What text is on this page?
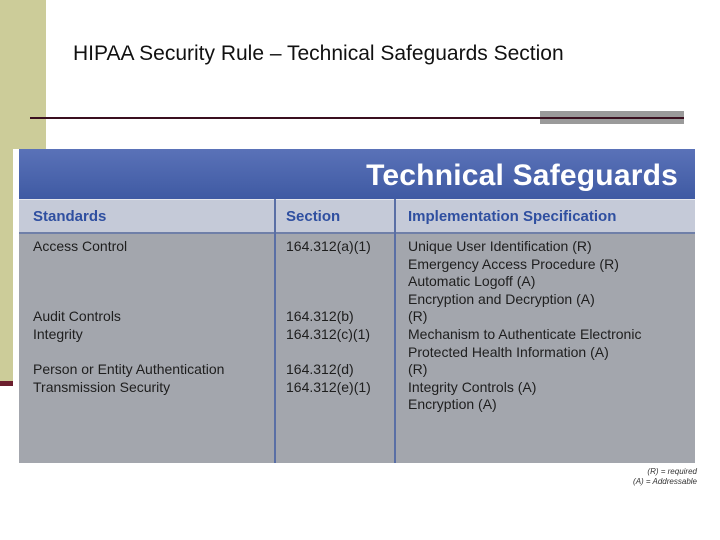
HIPAA Security Rule – Technical Safeguards Section
Technical Safeguards
Standards	Section	Implementation Specification
Access Control
Audit Controls
Integrity
Person or Entity Authentication
Transmission Security
164.312(a)(1)
164.312(b)
164.312(c)(1)
164.312(d)
164.312(e)(1)
Unique User Identification (R)
Emergency Access Procedure (R)
Automatic Logoff (A)
Encryption and Decryption (A)
(R)
Mechanism to Authenticate Electronic
Protected Health Information (A)
(R)
Integrity Controls (A)
Encryption (A)
(R) = required
(A) = Addressable
